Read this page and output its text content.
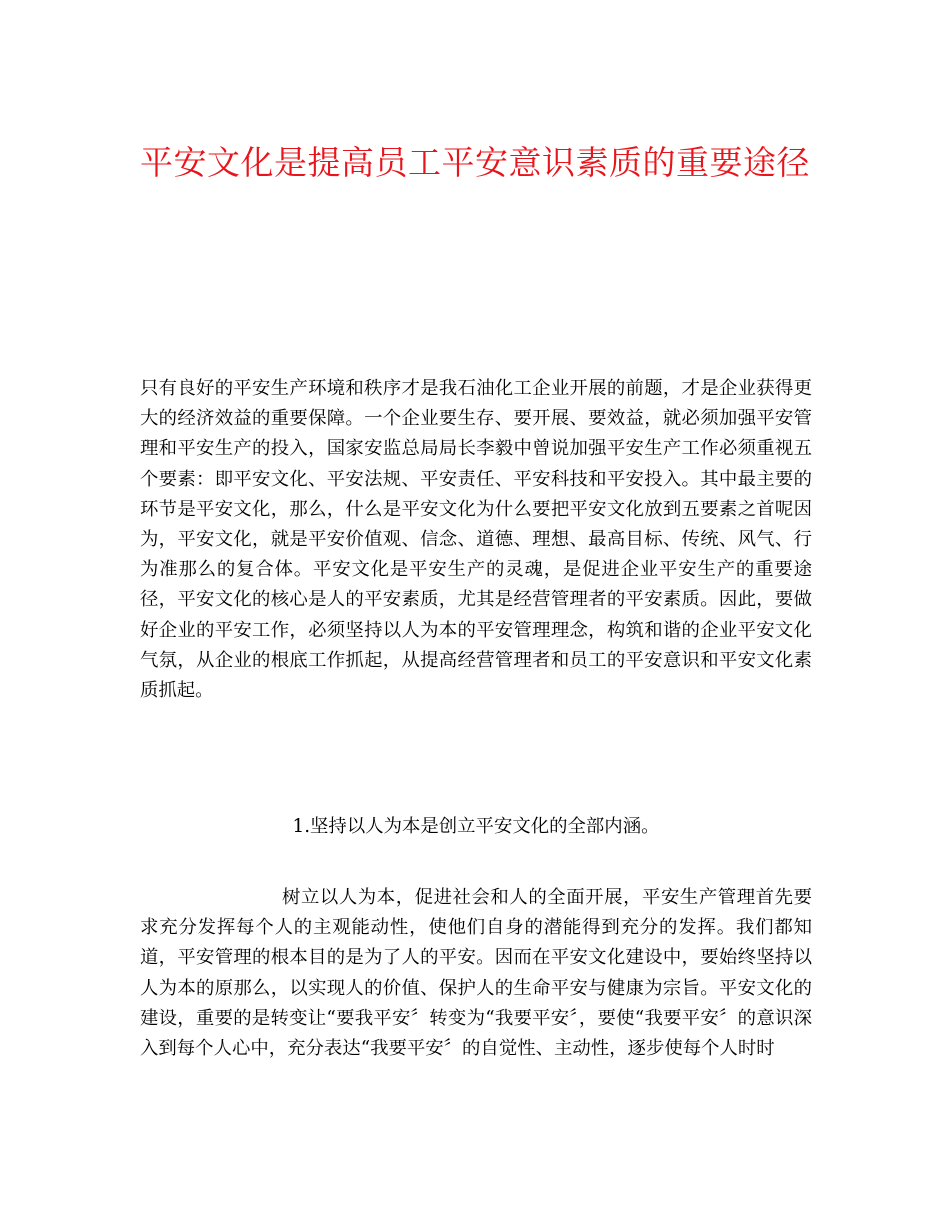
平安文化是提高员工平安意识素质的重要途径

只有良好的平安生产环境和秩序才是我石油化工企业开展的前题，才是企业获得更大的经济效益的重要保障。一个企业要生存、要开展、要效益，就必须加强平安管理和平安生产的投入，国家安监总局局长李毅中曾说加强平安生产工作必须重视五个要素：即平安文化、平安法规、平安责任、平安科技和平安投入。其中最主要的环节是平安文化，那么，什么是平安文化为什么要把平安文化放到五要素之首呢因为，平安文化，就是平安价值观、信念、道德、理想、最高目标、传统、风气、行为准那么的复合体。平安文化是平安生产的灵魂，是促进企业平安生产的重要途径，平安文化的核心是人的平安素质，尤其是经营管理者的平安素质。因此，要做好企业的平安工作，必须坚持以人为本的平安管理理念，构筑和谐的企业平安文化气氛，从企业的根底工作抓起，从提高经营管理者和员工的平安意识和平安文化素质抓起。

1.坚持以人为本是创立平安文化的全部内涵。

树立以人为本，促进社会和人的全面开展，平安生产管理首先要求充分发挥每个人的主观能动性，使他们自身的潜能得到充分的发挥。我们都知道，平安管理的根本目的是为了人的平安。因而在平安文化建设中，要始终坚持以人为本的原那么，以实现人的价值、保护人的生命平安与健康为宗旨。平安文化的建设，重要的是转变让“要我平安〞转变为“我要平安〞，要使“我要平安〞的意识深入到每个人心中，充分表达“我要平安〞的自觉性、主动性，逐步使每个人时时
